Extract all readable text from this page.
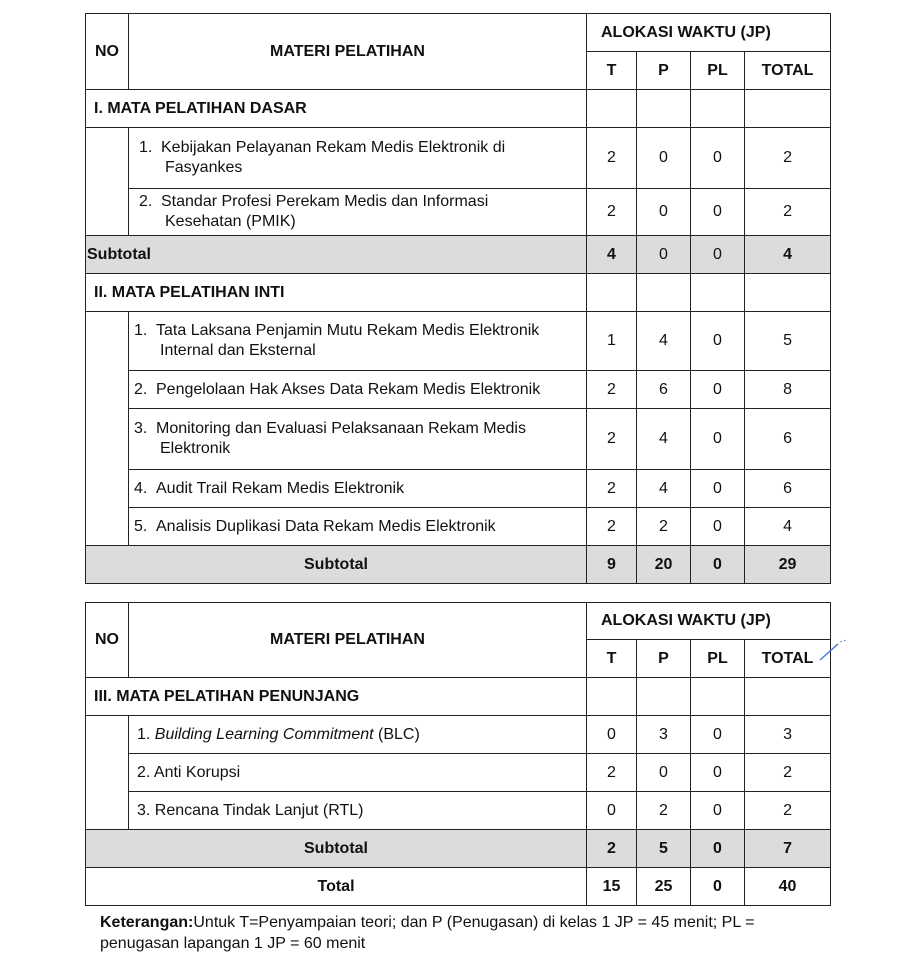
NO	MATERI PELATIHAN	ALOKASI WAKTU (JP)			
		T	P	PL	TOTAL
I. MATA PELATIHAN DASAR					
	1. Kebijakan Pelayanan Rekam Medis Elektronik di
Fasyankes	2	0	0	2
	2. Standar Profesi Perekam Medis dan Informasi
Kesehatan (PMIK)	2	0	0	2
Subtotal		4	0	0	4
II. MATA PELATIHAN INTI					
	1. Tata Laksana Penjamin Mutu Rekam Medis Elektronik
Internal dan Eksternal	1	4	0	5
	2. Pengelolaan Hak Akses Data Rekam Medis Elektronik	2	6	0	8
	3. Monitoring dan Evaluasi Pelaksanaan Rekam Medis
Elektronik	2	4	0	6
	4. Audit Trail Rekam Medis Elektronik	2	4	0	6
	5. Analisis Duplikasi Data Rekam Medis Elektronik	2	2	0	4
Subtotal		9	20	0	29
NO	MATERI PELATIHAN	ALOKASI WAKTU (JP)			
		T	P	PL	TOTAL
III. MATA PELATIHAN PENUNJANG					
	1. Building Learning Commitment (BLC)	0	3	0	3
	2. Anti Korupsi	2	0	0	2
	3. Rencana Tindak Lanjut (RTL)	0	2	0	2
Subtotal		2	5	0	7
Total		15	25	0	40
Keterangan:Untuk T=Penyampaian teori; dan P (Penugasan) di kelas 1 JP = 45 menit; PL = penugasan lapangan 1 JP = 60 menit
